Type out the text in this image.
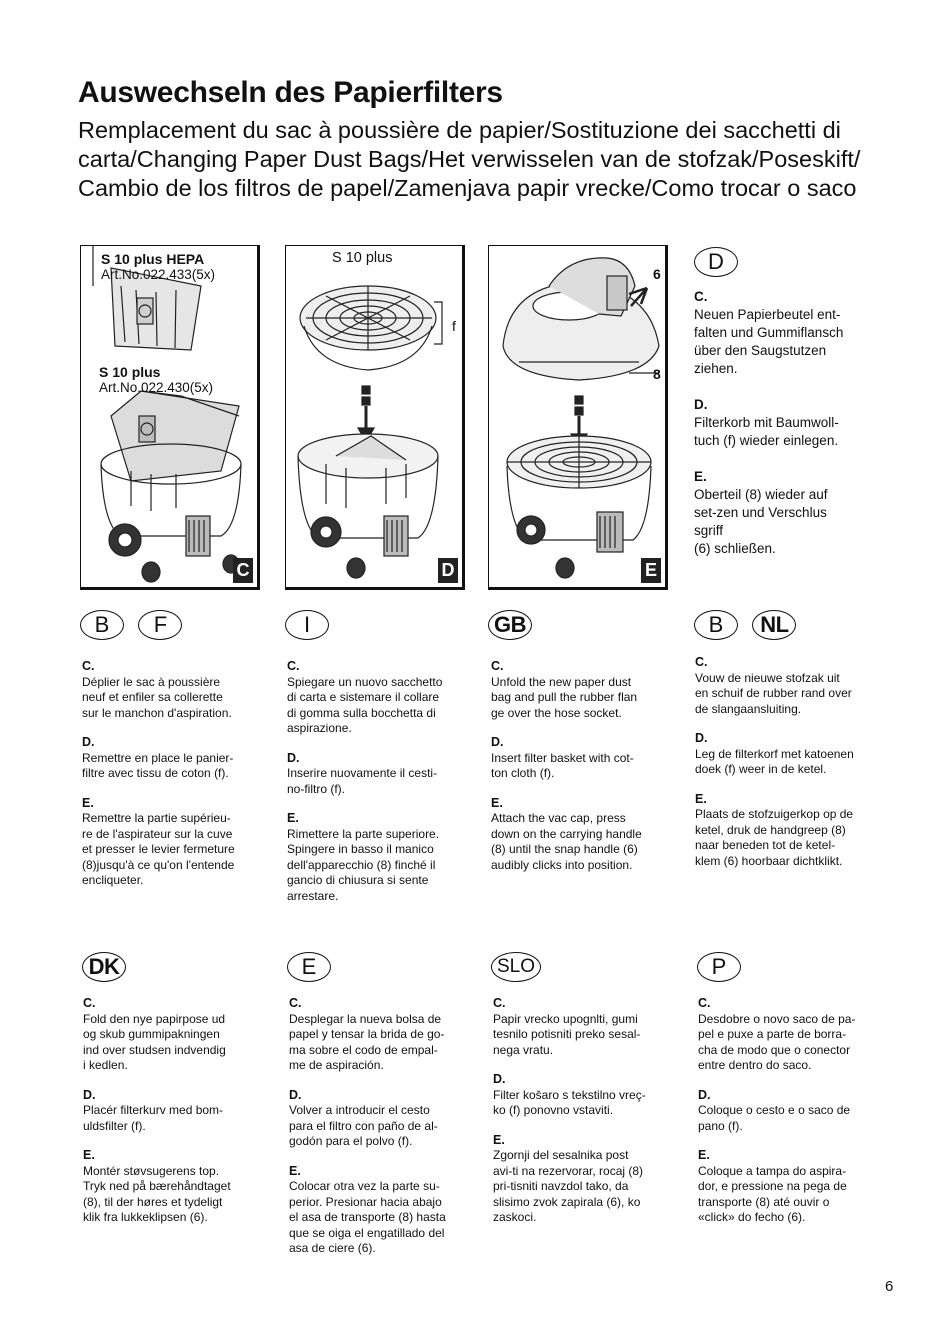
Auswechseln des Papierfilters
Remplacement du sac à poussière de papier/Sostituzione dei sacchetti di carta/Changing Paper Dust Bags/Het verwisselen van de stofzak/Poseskift/ Cambio de los filtros de papel/Zamenjava papir vrecke/Como trocar o saco
S 10 plus HEPA
Art.No.022.433(5x)
S 10 plus
Art.No.022.430(5x)
C
S 10 plus
f
D
6
8
E
D
C.
Neuen Papierbeutel ent-
falten und Gummiflansch
über den Saugstutzen
ziehen.
D.
Filterkorb mit Baumwoll-
tuch (f) wieder einlegen.
E.
Oberteil (8) wieder auf
set-zen und Verschlus
sgriff
(6) schließen.
B F
C.
Déplier le sac à poussière
neuf et enfiler sa collerette
sur le manchon d'aspiration.
D.
Remettre en place le panier-
filtre avec tissu de coton (f).
E.
Remettre la partie supérieu-
re de l'aspirateur sur la cuve
et presser le levier fermeture
(8)jusqu'à ce qu'on l'entende
encliqueter.
I
C.
Spiegare un nuovo sacchetto
di carta e sistemare il collare
di gomma sulla bocchetta di
aspirazione.
D.
Inserire nuovamente il cesti-
no-filtro (f).
E.
Rimettere la parte superiore.
Spingere in basso il manico
dell'apparecchio (8) finché il
gancio di chiusura si sente
arrestare.
GB
C.
Unfold the new paper dust
bag and pull the rubber flan
ge over the hose socket.
D.
Insert filter basket with cot-
ton cloth (f).
E.
Attach the vac cap, press
down on the carrying handle
(8) until the snap handle (6)
audibly clicks into position.
B NL
C.
Vouw de nieuwe stofzak uit
en schuif de rubber rand over
de slangaansluiting.
D.
Leg de filterkorf met katoenen
doek (f) weer in de ketel.
E.
Plaats de stofzuigerkop op de
ketel, druk de handgreep (8)
naar beneden tot de ketel-
klem (6) hoorbaar dichtklikt.
DK
C.
Fold den nye papirpose ud
og skub gummipakningen
ind over studsen indvendig
i kedlen.
D.
Placér filterkurv med bom-
uldsfilter (f).
E.
Montér støvsugerens top.
Tryk ned på bærehåndtaget
(8), til der høres et tydeligt
klik fra lukkeklipsen (6).
E
C.
Desplegar la nueva bolsa de
papel y tensar la brida de go-
ma sobre el codo de empal-
me de aspiración.
D.
Volver a introducir el cesto
para el filtro con paño de al-
godón para el polvo (f).
E.
Colocar otra vez la parte su-
perior. Presionar hacia abajo
el asa de transporte (8) hasta
que se oiga el engatillado del
asa de ciere (6).
SLO
C.
Papir vrecko upognlti, gumi
tesnilo potisniti preko sesal-
nega vratu.
D.
Filter košaro s tekstilno vreç-
ko (f) ponovno vstaviti.
E.
Zgornji del sesalnika post
avi-ti na rezervorar, rocaj (8)
pri-tisniti navzdol tako, da
slisimo zvok zapirala (6), ko
zaskoci.
P
C.
Desdobre o novo saco de pa-
pel e puxe a parte de borra-
cha de modo que o conector
entre dentro do saco.
D.
Coloque o cesto e o saco de
pano (f).
E.
Coloque a tampa do aspira-
dor, e pressione na pega de
transporte (8) até ouvir o
«click» do fecho (6).
6
